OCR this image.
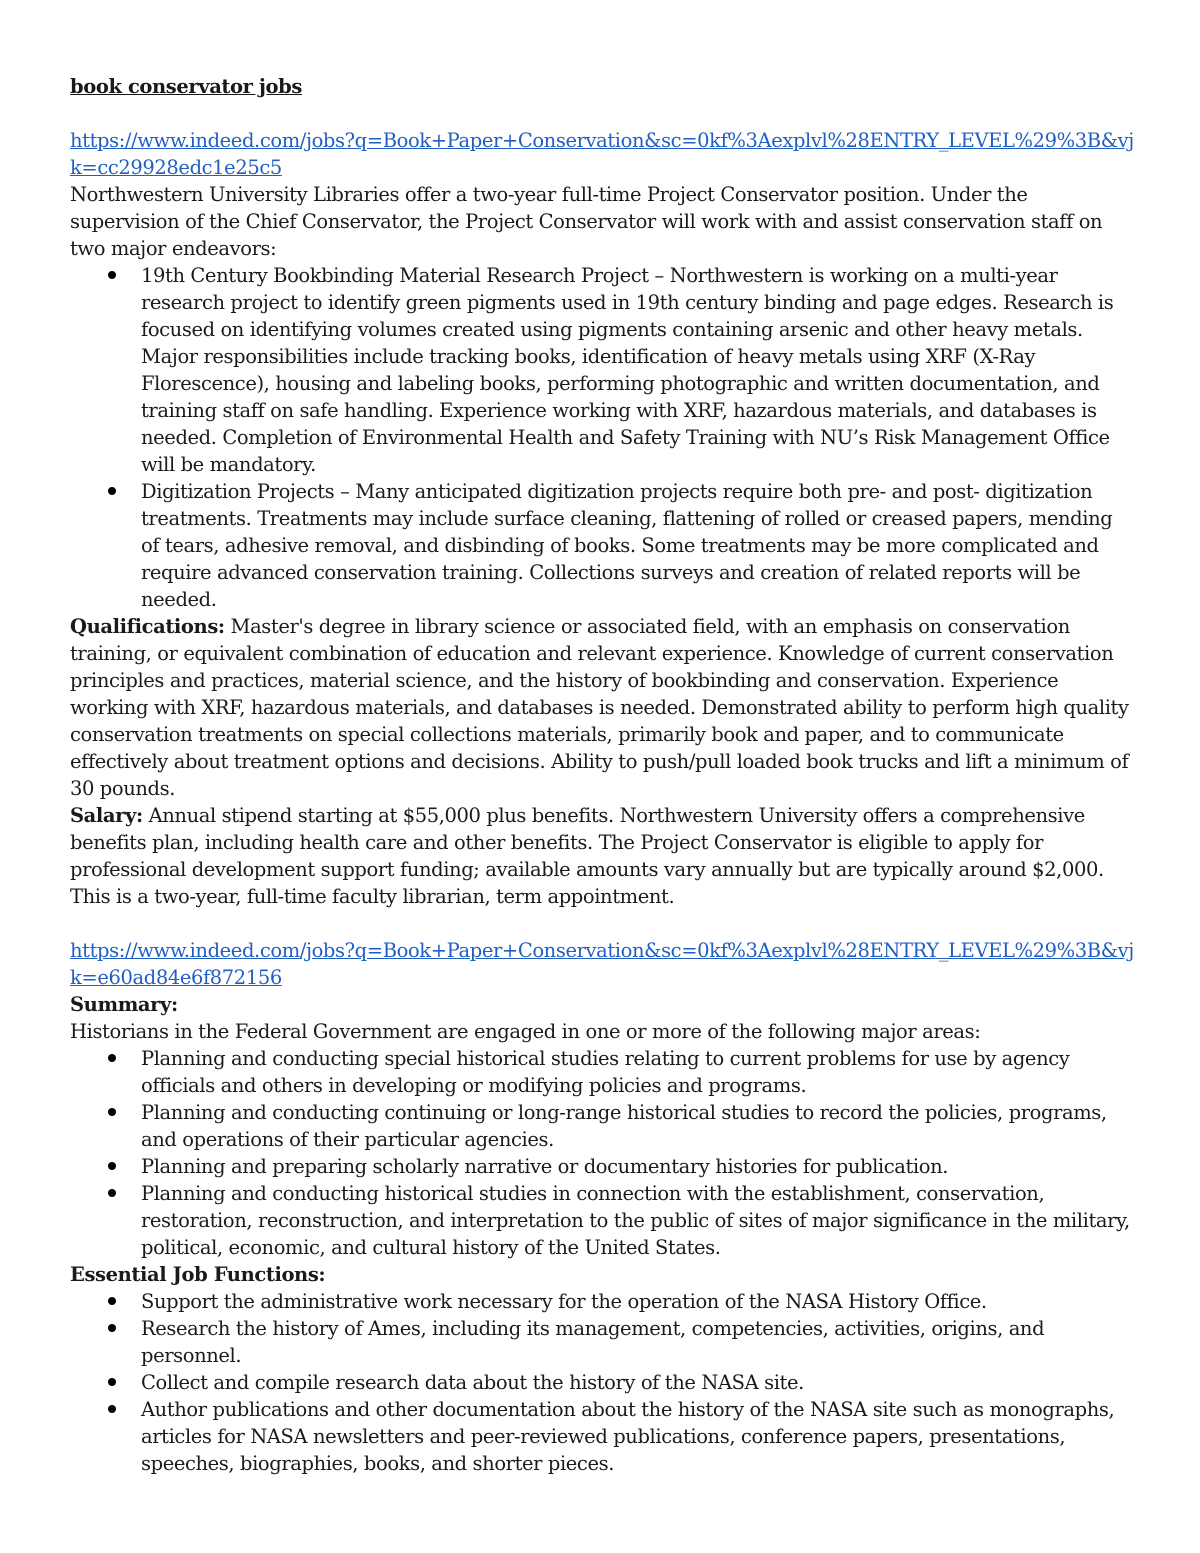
book conservator jobs

https://www.indeed.com/jobs?q=Book+Paper+Conservation&sc=0kf%3Aexplvl%28ENTRY_LEVEL%29%3B&vjk=cc29928edc1e25c5

Northwestern University Libraries offer a two-year full-time Project Conservator position. Under the supervision of the Chief Conservator, the Project Conservator will work with and assist conservation staff on two major endeavors:

19th Century Bookbinding Material Research Project – Northwestern is working on a multi-year research project to identify green pigments used in 19th century binding and page edges. Research is focused on identifying volumes created using pigments containing arsenic and other heavy metals. Major responsibilities include tracking books, identification of heavy metals using XRF (X-Ray Florescence), housing and labeling books, performing photographic and written documentation, and training staff on safe handling. Experience working with XRF, hazardous materials, and databases is needed. Completion of Environmental Health and Safety Training with NU’s Risk Management Office will be mandatory.
Digitization Projects – Many anticipated digitization projects require both pre- and post- digitization treatments. Treatments may include surface cleaning, flattening of rolled or creased papers, mending of tears, adhesive removal, and disbinding of books. Some treatments may be more complicated and require advanced conservation training. Collections surveys and creation of related reports will be needed.

Qualifications: Master's degree in library science or associated field, with an emphasis on conservation training, or equivalent combination of education and relevant experience. Knowledge of current conservation principles and practices, material science, and the history of bookbinding and conservation. Experience working with XRF, hazardous materials, and databases is needed. Demonstrated ability to perform high quality conservation treatments on special collections materials, primarily book and paper, and to communicate effectively about treatment options and decisions. Ability to push/pull loaded book trucks and lift a minimum of 30 pounds.

Salary: Annual stipend starting at $55,000 plus benefits. Northwestern University offers a comprehensive benefits plan, including health care and other benefits. The Project Conservator is eligible to apply for professional development support funding; available amounts vary annually but are typically around $2,000. This is a two-year, full-time faculty librarian, term appointment.

https://www.indeed.com/jobs?q=Book+Paper+Conservation&sc=0kf%3Aexplvl%28ENTRY_LEVEL%29%3B&vjk=e60ad84e6f872156

Summary:

Historians in the Federal Government are engaged in one or more of the following major areas:

Planning and conducting special historical studies relating to current problems for use by agency officials and others in developing or modifying policies and programs.
Planning and conducting continuing or long-range historical studies to record the policies, programs, and operations of their particular agencies.
Planning and preparing scholarly narrative or documentary histories for publication.
Planning and conducting historical studies in connection with the establishment, conservation, restoration, reconstruction, and interpretation to the public of sites of major significance in the military, political, economic, and cultural history of the United States.

Essential Job Functions:

Support the administrative work necessary for the operation of the NASA History Office.
Research the history of Ames, including its management, competencies, activities, origins, and personnel.
Collect and compile research data about the history of the NASA site.
Author publications and other documentation about the history of the NASA site such as monographs, articles for NASA newsletters and peer-reviewed publications, conference papers, presentations, speeches, biographies, books, and shorter pieces.
